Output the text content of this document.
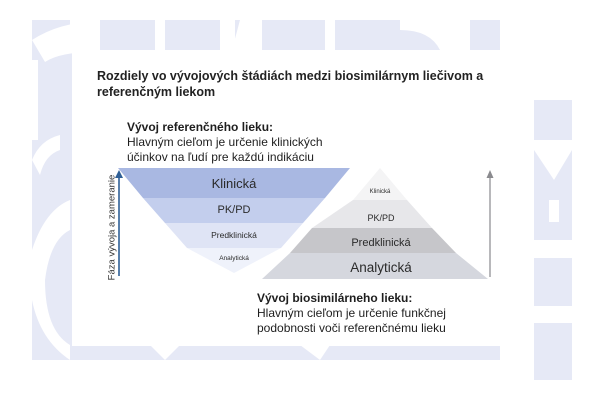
Rozdiely vo vývojových štádiách medzi biosimilárnym liečivom a referenčným liekom
Vývoj referenčného lieku:
Hlavným cieľom je určenie klinických
účinkov na ľudí pre každú indikáciu
Fáza vývoja a zameranie	Klinická
PK/PD
Predklinická
Analytická
Klinická
PK/PD
Predklinická
Analytická
Vývoj biosimilárneho lieku:
Hlavným cieľom je určenie funkčnej
podobnosti voči referenčnému lieku
